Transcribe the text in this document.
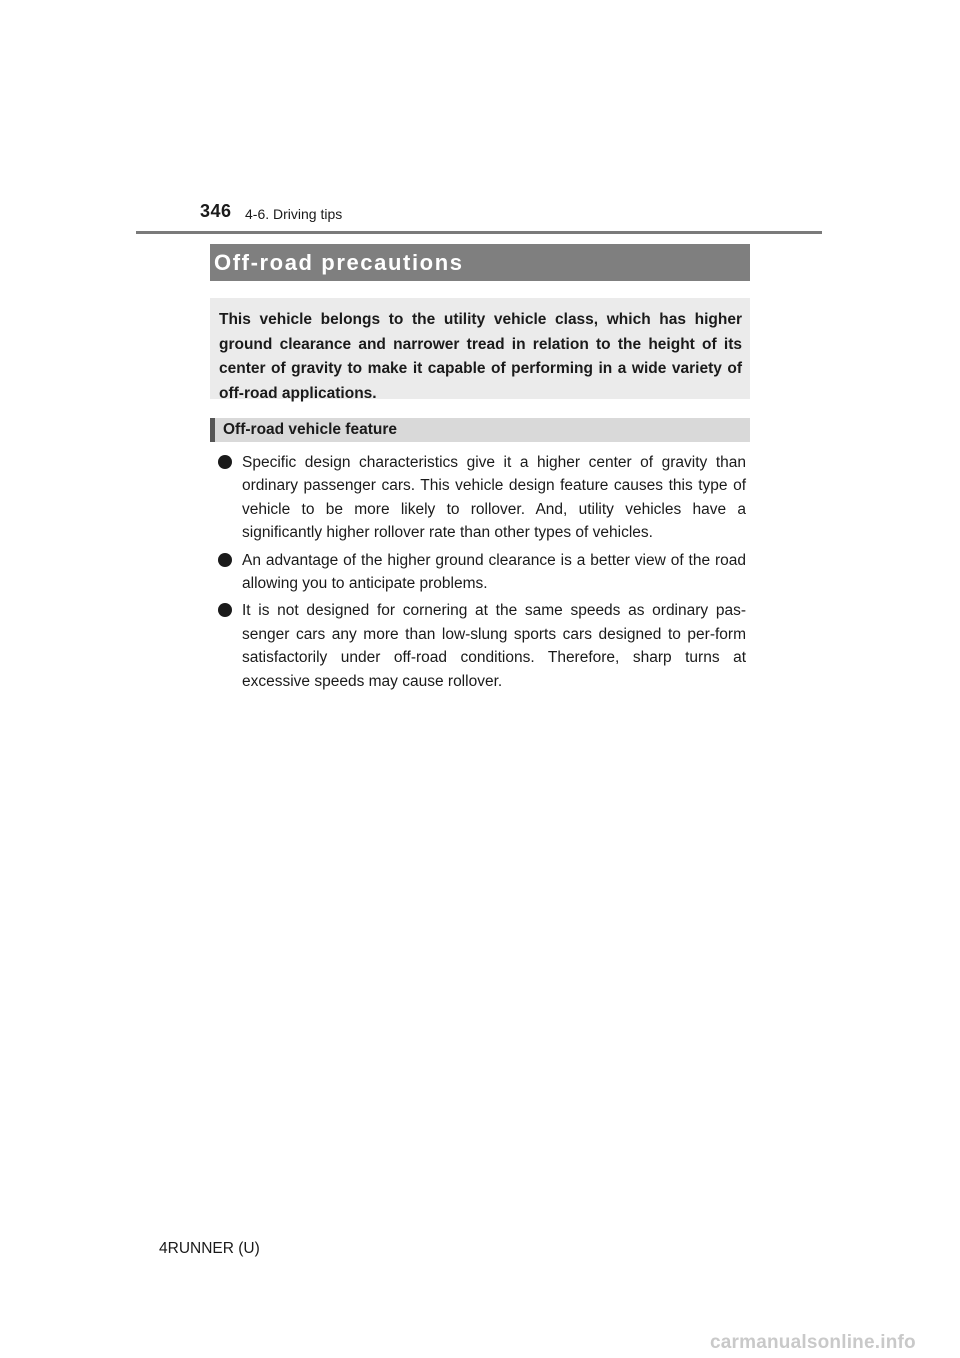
346 4-6. Driving tips
Off-road precautions

This vehicle belongs to the utility vehicle class, which has higher ground clearance and narrower tread in relation to the height of its center of gravity to make it capable of performing in a wide variety of off-road applications.

Off-road vehicle feature
Specific design characteristics give it a higher center of gravity than ordinary passenger cars. This vehicle design feature causes this type of vehicle to be more likely to rollover. And, utility vehicles have a significantly higher rollover rate than other types of vehicles.
An advantage of the higher ground clearance is a better view of the road allowing you to anticipate problems.
It is not designed for cornering at the same speeds as ordinary pas-senger cars any more than low-slung sports cars designed to per-form satisfactorily under off-road conditions. Therefore, sharp turns at excessive speeds may cause rollover.
4RUNNER (U)
carmanualsonline.info
